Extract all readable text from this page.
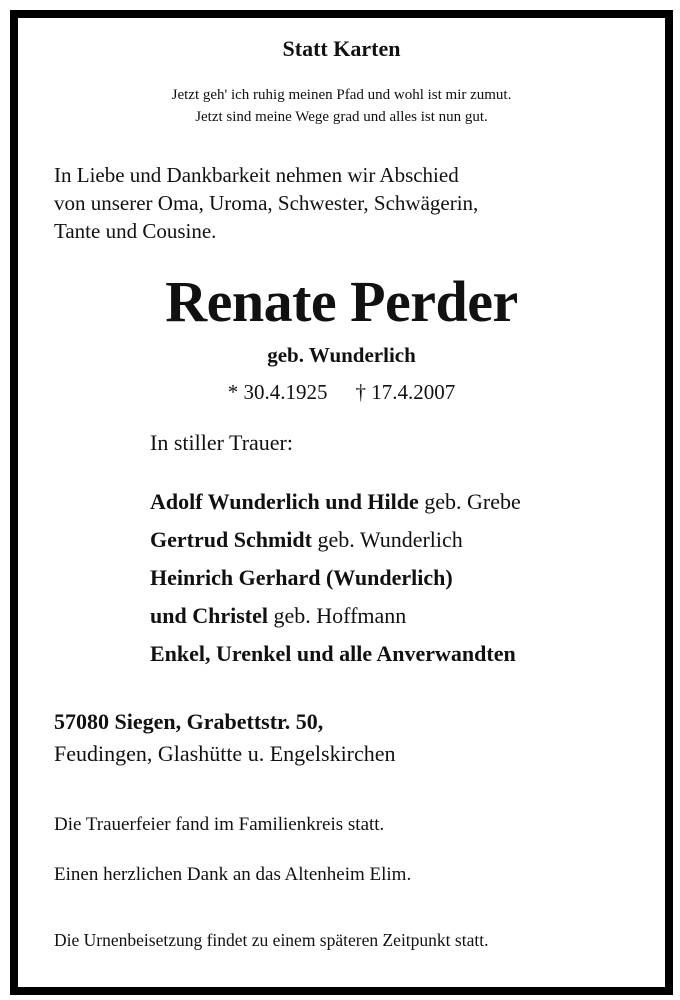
Statt Karten
Jetzt geh' ich ruhig meinen Pfad und wohl ist mir zumut.
Jetzt sind meine Wege grad und alles ist nun gut.
In Liebe und Dankbarkeit nehmen wir Abschied
von unserer Oma, Uroma, Schwester, Schwägerin,
Tante und Cousine.
Renate Perder
geb. Wunderlich
* 30.4.1925 † 17.4.2007
In stiller Trauer:
Adolf Wunderlich und Hilde geb. Grebe
Gertrud Schmidt geb. Wunderlich
Heinrich Gerhard (Wunderlich)
und Christel geb. Hoffmann
Enkel, Urenkel und alle Anverwandten
57080 Siegen, Grabettstr. 50,
Feudingen, Glashütte u. Engelskirchen
Die Trauerfeier fand im Familienkreis statt.
Einen herzlichen Dank an das Altenheim Elim.
Die Urnenbeisetzung findet zu einem späteren Zeitpunkt statt.
